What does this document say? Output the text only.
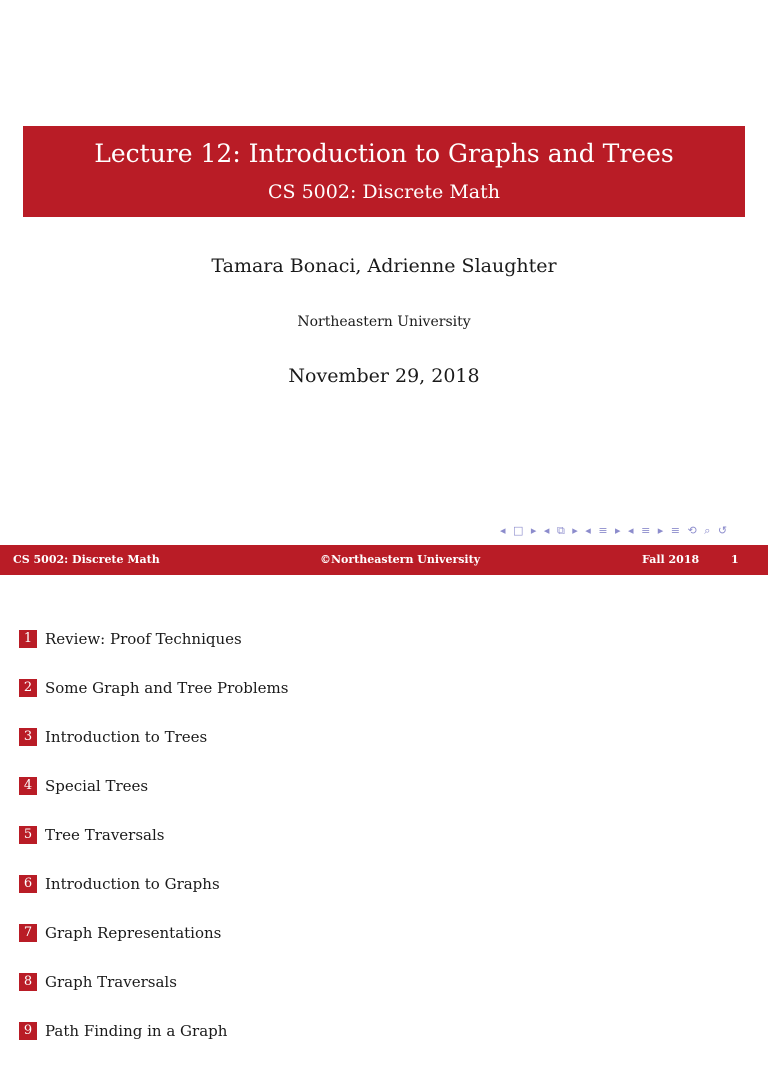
Lecture 12: Introduction to Graphs and Trees
CS 5002: Discrete Math
Tamara Bonaci, Adrienne Slaughter
Northeastern University
November 29, 2018
◂ □ ▸ ◂ ⧉ ▸ ◂ ≡ ▸ ◂ ≡ ▸ ≡ ⟲ ⌕ ↺
CS 5002: Discrete Math	©Northeastern University	Fall 2018	1
1 Review: Proof Techniques
2 Some Graph and Tree Problems
3 Introduction to Trees
4 Special Trees
5 Tree Traversals
6 Introduction to Graphs
7 Graph Representations
8 Graph Traversals
9 Path Finding in a Graph
